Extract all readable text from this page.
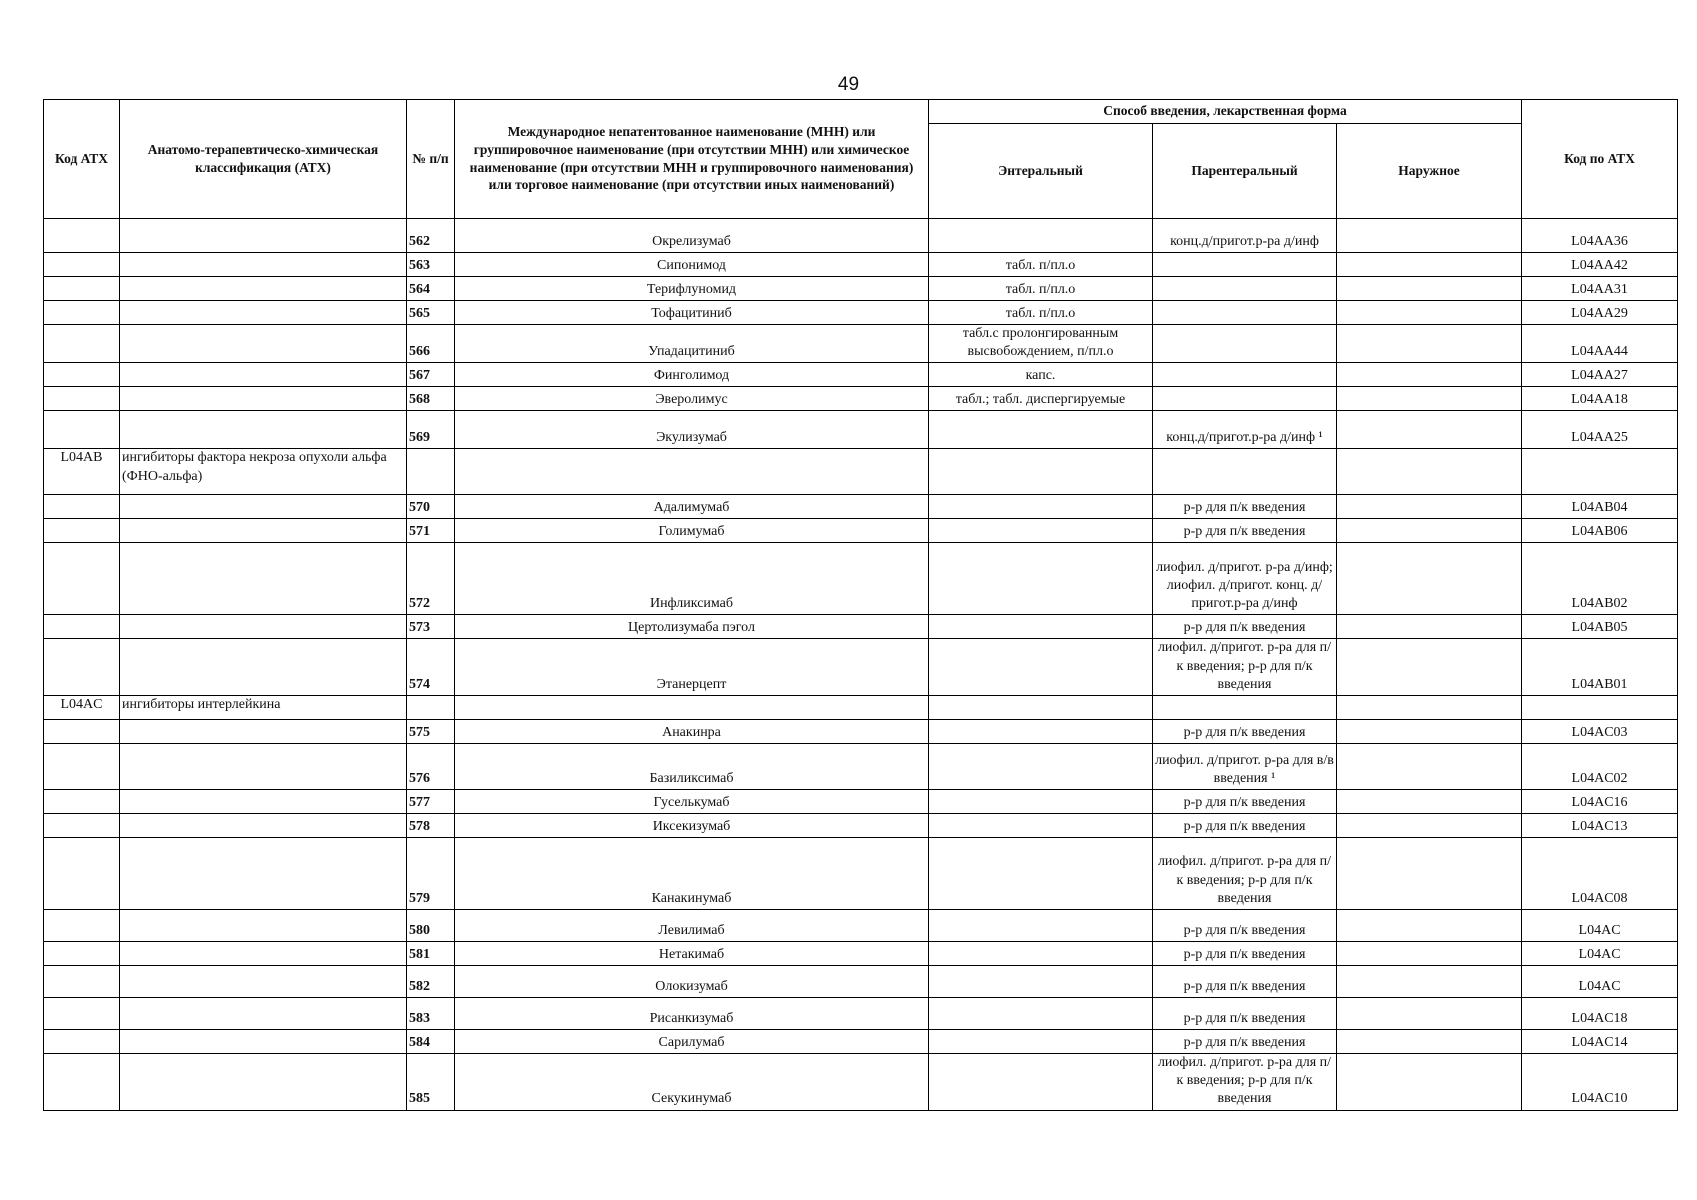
49
Код АТХ	Анатомо-терапевтическо-химическая классификация (АТХ)	№ п/п	Международное непатентованное наименование (МНН) или группировочное наименование (при отсутствии МНН) или химическое наименование (при отсутствии МНН и группировочного наименования) или торговое наименование (при отсутствии иных наименований)	Способ введения, лекарственная форма			Код по АТХ
				Энтеральный	Парентеральный	Наружное	
		562	Окрелизумаб		конц.д/пригот.р-ра д/инф		L04AA36
		563	Сипонимод	табл. п/пл.о			L04AA42
		564	Терифлуномид	табл. п/пл.о			L04AA31
		565	Тофацитиниб	табл. п/пл.о			L04AA29
		566	Упадацитиниб	табл.с пролонгированным высвобождением, п/пл.о			L04AA44
		567	Финголимод	капс.			L04AA27
		568	Эверолимус	табл.; табл. диспергируемые			L04AA18
		569	Экулизумаб		конц.д/пригот.р-ра д/инф ¹		L04AA25
L04AB	ингибиторы фактора некроза опухоли альфа (ФНО-альфа)						
		570	Адалимумаб		р-р для п/к введения		L04AB04
		571	Голимумаб		р-р для п/к введения		L04AB06
		572	Инфликсимаб		лиофил. д/пригот. р-ра д/инф; лиофил. д/пригот. конц. д/пригот.р-ра д/инф		L04AB02
		573	Цертолизумаба пэгол		р-р для п/к введения		L04AB05
		574	Этанерцепт		лиофил. д/пригот. р-ра для п/к введения; р-р для п/к введения		L04AB01
L04AC	ингибиторы интерлейкина						
		575	Анакинра		р-р для п/к введения		L04AC03
		576	Базиликсимаб		лиофил. д/пригот. р-ра для в/в введения ¹		L04AC02
		577	Гуселькумаб		р-р для п/к введения		L04AC16
		578	Иксекизумаб		р-р для п/к введения		L04AC13
		579	Канакинумаб		лиофил. д/пригот. р-ра для п/к введения; р-р для п/к введения		L04AC08
		580	Левилимаб		р-р для п/к введения		L04AC
		581	Нетакимаб		р-р для п/к введения		L04AC
		582	Олокизумаб		р-р для п/к введения		L04AC
		583	Рисанкизумаб		р-р для п/к введения		L04AC18
		584	Сарилумаб		р-р для п/к введения		L04AC14
		585	Секукинумаб		лиофил. д/пригот. р-ра для п/к введения; р-р для п/к введения		L04AC10
